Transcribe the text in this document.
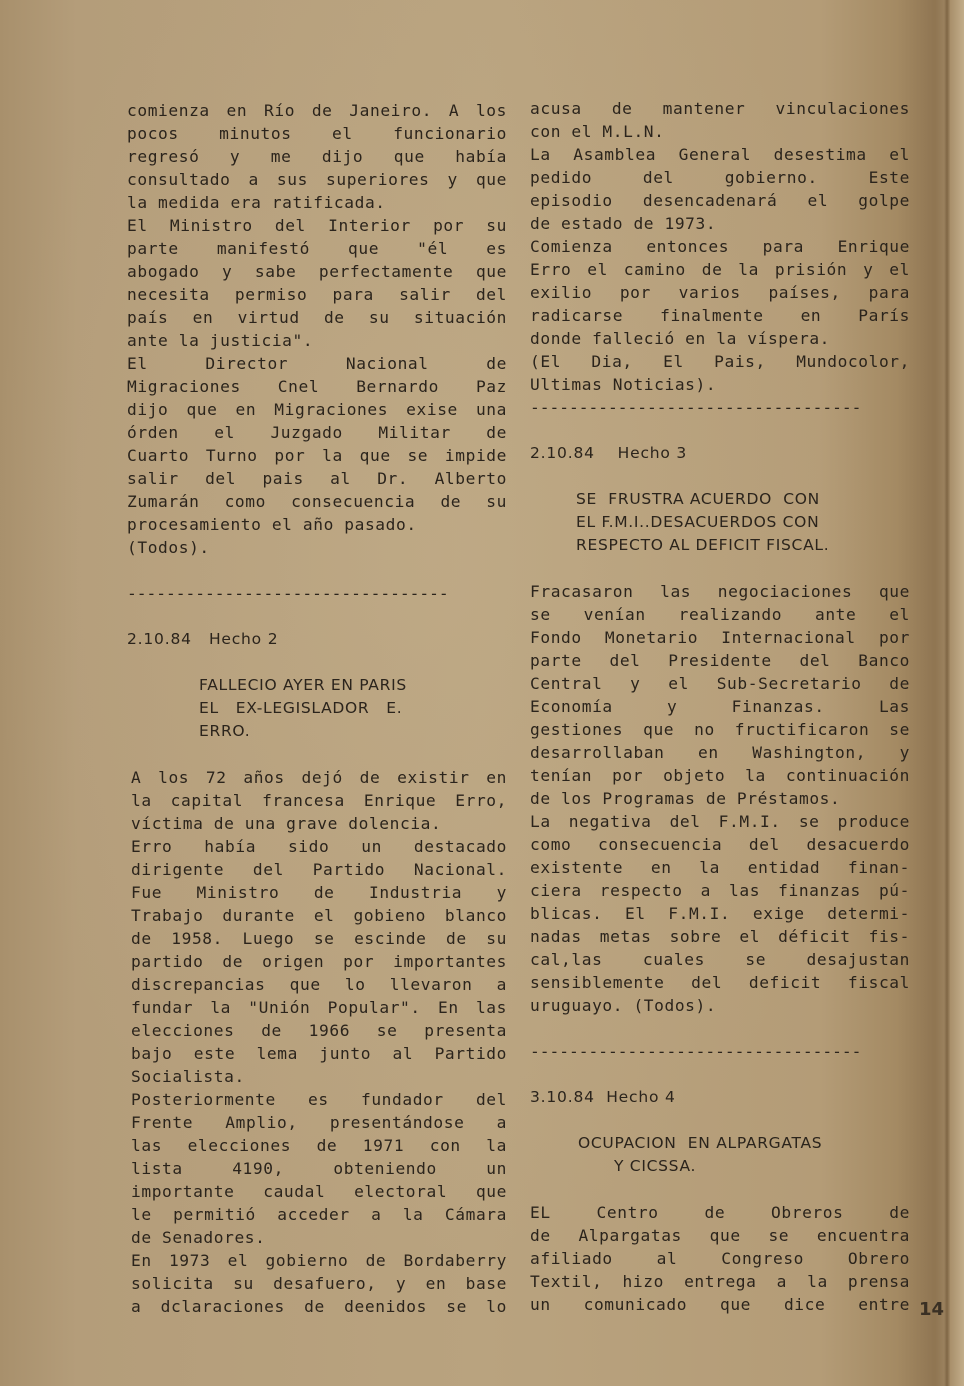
comienza en Río de Janeiro. A los
pocos minutos el funcionario
regresó y me dijo que había
consultado a sus superiores y que
la medida era ratificada.
El Ministro del Interior por su
parte manifestó que "él es
abogado y sabe perfectamente que
necesita permiso para salir del
país en virtud de su situación
ante la justicia".
El Director Nacional de
Migraciones Cnel Bernardo Paz
dijo que en Migraciones exise una
órden el Juzgado Militar de
Cuarto Turno por la que se impide
salir del pais al Dr. Alberto
Zumarán como consecuencia de su
procesamiento el año pasado.
(Todos).
---------------------------------
2.10.84   Hecho 2
FALLECIO AYER EN PARIS
EL   EX-LEGISLADOR   E.
ERRO.
A los 72 años dejó de existir en
la capital francesa Enrique Erro,
víctima de una grave dolencia.
Erro había sido un destacado
dirigente del Partido Nacional.
Fue Ministro de Industria y
Trabajo durante el gobieno blanco
de 1958. Luego se escinde de su
partido de origen por importantes
discrepancias que lo llevaron a
fundar la "Unión Popular". En las
elecciones de 1966 se presenta
bajo este lema junto al Partido
Socialista.
Posteriormente es fundador del
Frente Amplio, presentándose a
las elecciones de 1971 con la
lista 4190, obteniendo un
importante caudal electoral que
le permitió acceder a la Cámara
de Senadores.
En 1973 el gobierno de Bordaberry
solicita su desafuero, y en base
a dclaraciones de deenidos se lo
acusa de mantener vinculaciones
con el M.L.N.
La Asamblea General desestima el
pedido del gobierno. Este
episodio desencadenará el golpe
de estado de 1973.
Comienza entonces para Enrique
Erro el camino de la prisión y el
exilio por varios países, para
radicarse finalmente en París
donde falleció en la víspera.
(El Dia, El Pais, Mundocolor,
Ultimas Noticias).
----------------------------------
2.10.84    Hecho 3
SE  FRUSTRA ACUERDO  CON
EL F.M.I..DESACUERDOS CON
RESPECTO AL DEFICIT FISCAL.
Fracasaron las negociaciones que
se venían realizando ante el
Fondo Monetario Internacional por
parte del Presidente del Banco
Central y el Sub-Secretario de
Economía y Finanzas. Las
gestiones que no fructificaron se
desarrollaban en Washington, y
tenían por objeto la continuación
de los Programas de Préstamos.
La negativa del F.M.I. se produce
como consecuencia del desacuerdo
existente en la entidad finan-
ciera respecto a las finanzas pú-
blicas. El F.M.I. exige determi-
nadas metas sobre el déficit fis-
cal,las cuales se desajustan
sensiblemente del deficit fiscal
uruguayo. (Todos).
----------------------------------
3.10.84  Hecho 4
OCUPACION  EN ALPARGATAS
Y CICSSA.
EL Centro de Obreros de
de Alpargatas que se encuentra
afiliado al Congreso Obrero
Textil, hizo entrega a la prensa
un comunicado que dice entre 14
